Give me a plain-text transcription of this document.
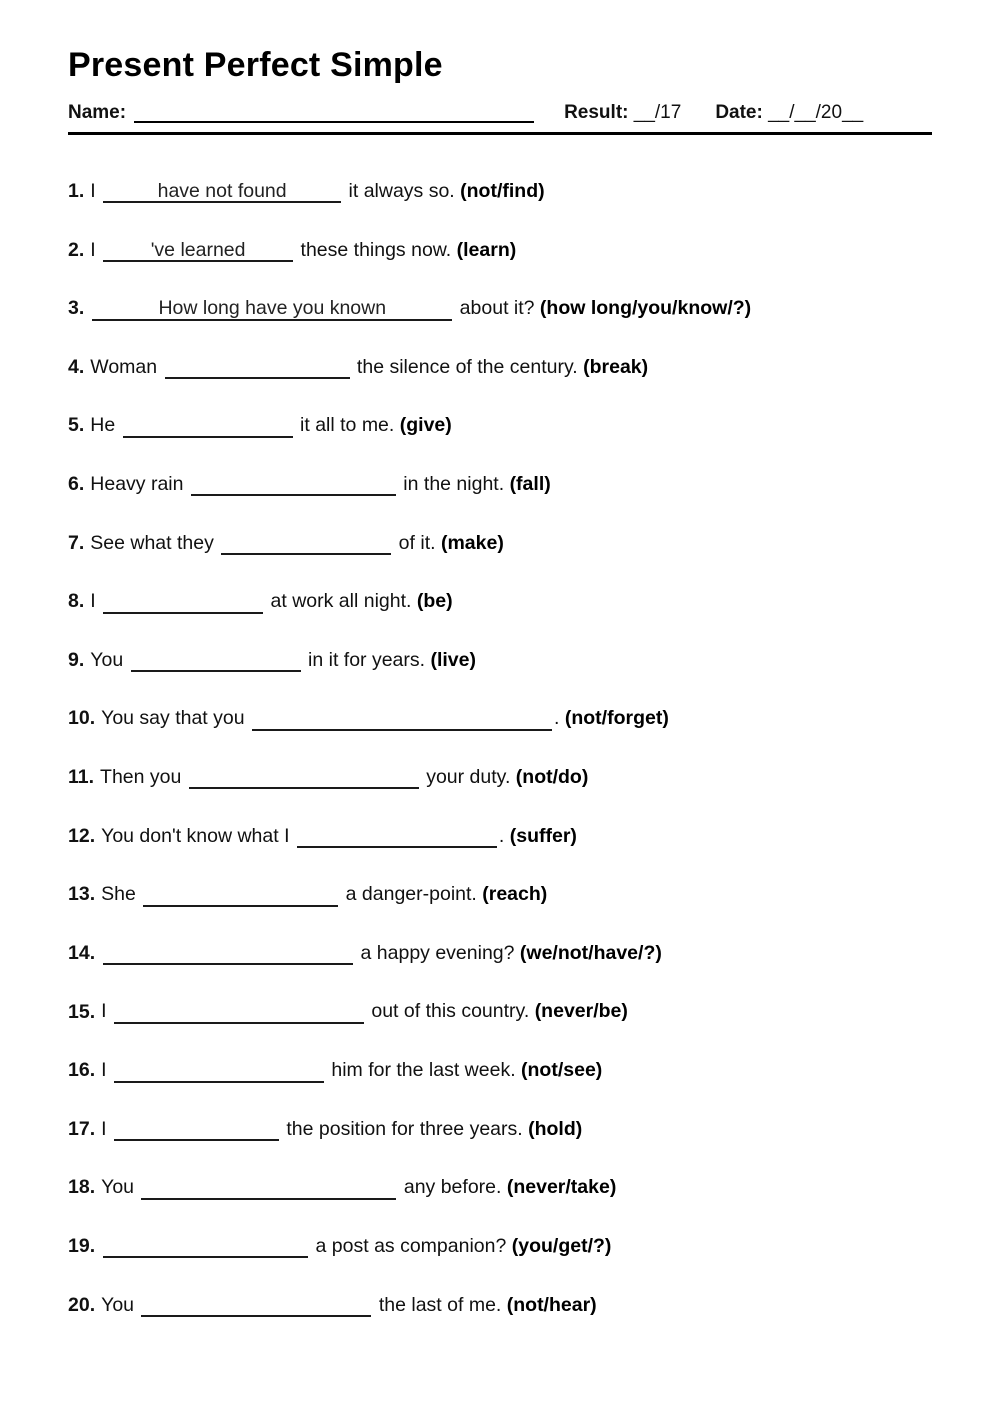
Present Perfect Simple
Name:	Result: __/17 Date: __/__/20__
1. I	have not found	it always so. (not/find)
2. I	've learned	these things now. (learn)
3.	How long have you known	about it? (how long/you/know/?)
4. Woman	the silence of the century. (break)
5. He	it all to me. (give)
6. Heavy rain	in the night. (fall)
7. See what they	of it. (make)
8. I	at work all night. (be)
9. You	in it for years. (live)
10. You say that you	. (not/forget)
11. Then you	your duty. (not/do)
12. You don't know what I	. (suffer)
13. She	a danger-point. (reach)
14.	a happy evening? (we/not/have/?)
15. I	out of this country. (never/be)
16. I	him for the last week. (not/see)
17. I	the position for three years. (hold)
18. You	any before. (never/take)
19.	a post as companion? (you/get/?)
20. You	the last of me. (not/hear)
